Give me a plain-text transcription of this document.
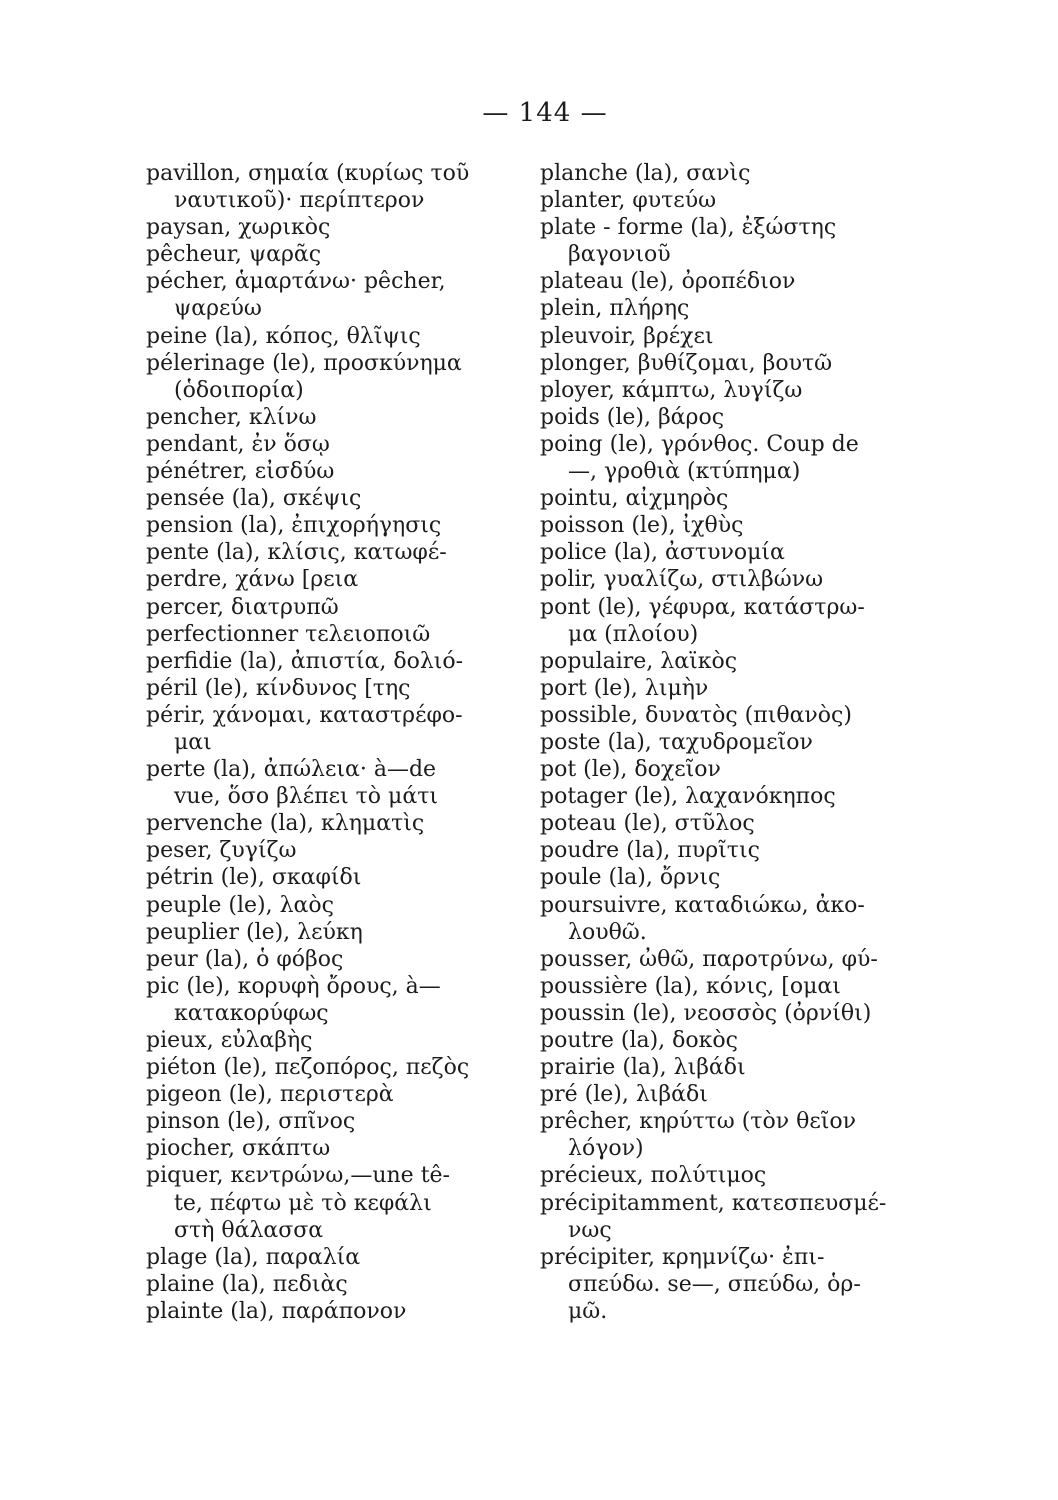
— 144 —
pavillon, σημαία (κυρίως τοῦ
ναυτικοῦ)· περίπτερον
paysan, χωρικὸς
pêcheur, ψαρᾶς
pécher, ἁμαρτάνω· pêcher,
ψαρεύω
peine (la), κόπος, θλῖψις
pélerinage (le), προσκύνημα
(ὁδοιπορία)
pencher, κλίνω
pendant, ἐν ὅσῳ
pénétrer, εἰσδύω
pensée (la), σκέψις
pension (la), ἐπιχορήγησις
pente (la), κλίσις, κατωφέ-
perdre, χάνω [ρεια
percer, διατρυπῶ
perfectionner τελειοποιῶ
perfidie (la), ἀπιστία, δολιό-
péril (le), κίνδυνος [της
périr, χάνομαι, καταστρέφο-
μαι
perte (la), ἀπώλεια· à—de
vue, ὅσο βλέπει τὸ μάτι
pervenche (la), κληματὶς
peser, ζυγίζω
pétrin (le), σκαφίδι
peuple (le), λαὸς
peuplier (le), λεύκη
peur (la), ὁ φόβος
pic (le), κορυφὴ ὄρους, à—
κατακορύφως
pieux, εὐλαβὴς
piéton (le), πεζοπόρος, πεζὸς
pigeon (le), περιστερὰ
pinson (le), σπῖνος
piocher, σκάπτω
piquer, κεντρώνω,—une tê-
te, πέφτω μὲ τὸ κεφάλι
στὴ θάλασσα
plage (la), παραλία
plaine (la), πεδιὰς
plainte (la), παράπονον
planche (la), σανὶς
planter, φυτεύω
plate - forme (la), ἐξώστης
βαγονιοῦ
plateau (le), ὀροπέδιον
plein, πλήρης
pleuvoir, βρέχει
plonger, βυθίζομαι, βουτῶ
ployer, κάμπτω, λυγίζω
poids (le), βάρος
poing (le), γρόνθος. Coup de
—, γροθιὰ (κτύπημα)
pointu, αἰχμηρὸς
poisson (le), ἰχθὺς
police (la), ἀστυνομία
polir, γυαλίζω, στιλβώνω
pont (le), γέφυρα, κατάστρω-
μα (πλοίου)
populaire, λαϊκὸς
port (le), λιμὴν
possible, δυνατὸς (πιθανὸς)
poste (la), ταχυδρομεῖον
pot (le), δοχεῖον
potager (le), λαχανόκηπος
poteau (le), στῦλος
poudre (la), πυρῖτις
poule (la), ὄρνις
poursuivre, καταδιώκω, ἀκο-
λουθῶ.
pousser, ὠθῶ, παροτρύνω, φύ-
poussière (la), κόνις, [ομαι
poussin (le), νεοσσὸς (ὀρνίθι)
poutre (la), δοκὸς
prairie (la), λιβάδι
pré (le), λιβάδι
prêcher, κηρύττω (τὸν θεῖον
λόγον)
précieux, πολύτιμος
précipitamment, κατεσπευσμέ-
νως
précipiter, κρημνίζω· ἐπι-
σπεύδω. se—, σπεύδω, ὁρ-
μῶ.
